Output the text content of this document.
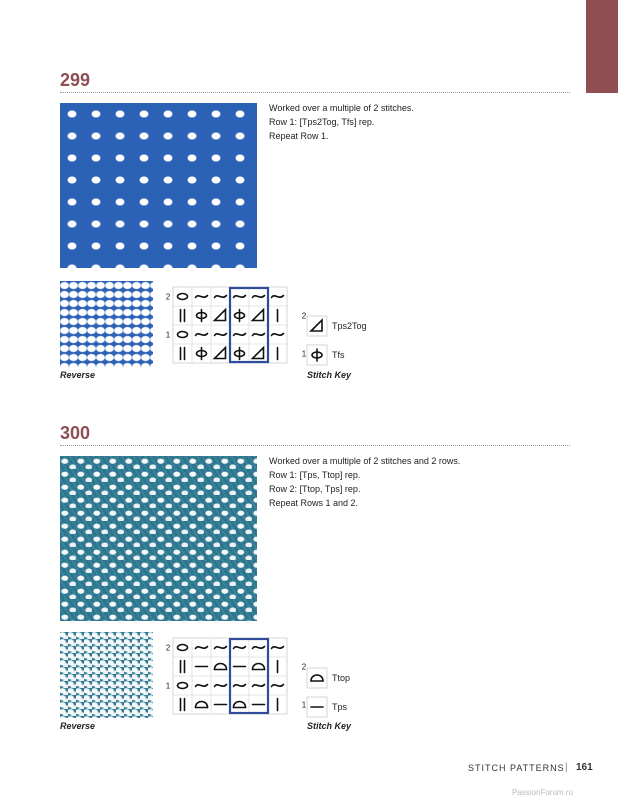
299
Worked over a multiple of 2 stitches.
Row 1: [Tps2Tog, Tfs] rep.
Repeat Row 1.
Reverse
2
2
1
1
Tps2Tog
Tfs
Stitch Key
300
Worked over a multiple of 2 stitches and 2 rows.
Row 1: [Tps, Ttop] rep.
Row 2: [Ttop, Tps] rep.
Repeat Rows 1 and 2.
Reverse
2
2
1
1
Ttop
Tps
Stitch Key
STITCH PATTERNS | 161
PassionForum.ru
